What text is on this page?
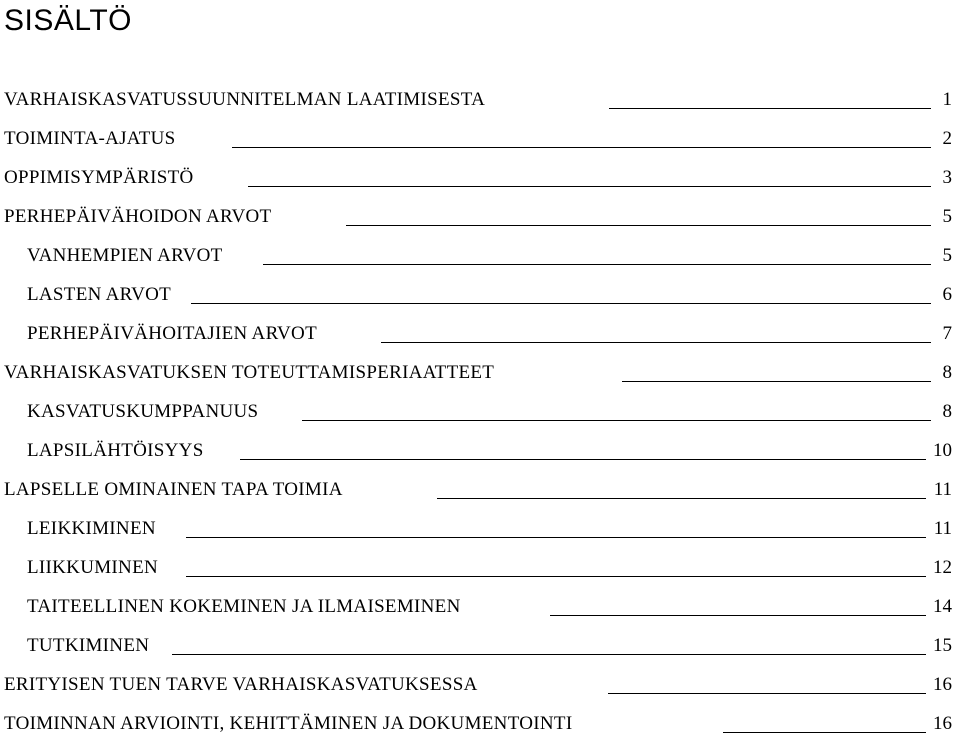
SISÄLTÖ
VARHAISKASVATUSSUUNNITELMAN LAATIMISESTA	1
TOIMINTA-AJATUS	2
OPPIMISYMPÄRISTÖ	3
PERHEPÄIVÄHOIDON ARVOT	5
VANHEMPIEN ARVOT	5
LASTEN ARVOT	6
PERHEPÄIVÄHOITAJIEN ARVOT	7
VARHAISKASVATUKSEN TOTEUTTAMISPERIAATTEET	8
KASVATUSKUMPPANUUS	8
LAPSILÄHTÖISYYS	10
LAPSELLE OMINAINEN TAPA TOIMIA	11
LEIKKIMINEN	11
LIIKKUMINEN	12
TAITEELLINEN KOKEMINEN JA ILMAISEMINEN	14
TUTKIMINEN	15
ERITYISEN TUEN TARVE VARHAISKASVATUKSESSA	16
TOIMINNAN ARVIOINTI, KEHITTÄMINEN JA DOKUMENTOINTI	16
